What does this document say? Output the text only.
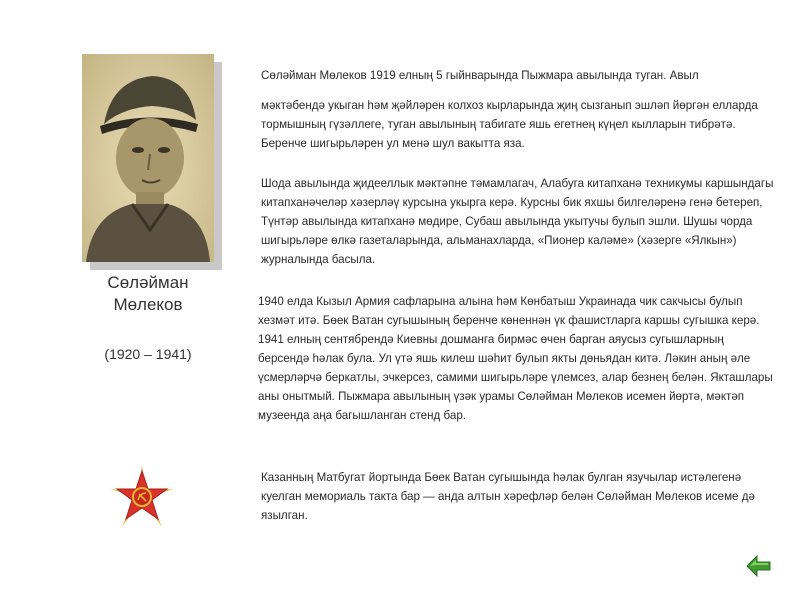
Сөләйман
Мөлеков
(1920 – 1941)

Сөләйман Мөлеков 1919 елның 5 гыйнварында Пыжмара авылында туган. Авыл

мәктәбендә укыган һәм җәйләрен колхоз кырларында җиң сызганып эшләп йөргән елларда тормышның гүзәллеге, туган авылының табигате яшь егетнең күңел кылларын тибрәтә. Беренче шигырьләрен ул менә шул вакытта яза.

Шода авылында җидееллык мәктәпне тәмамлагач, Алабуга китапханә техникумы каршындагы китапханәчеләр хәзерләү курсына укырга керә. Курсны бик яхшы билгеләренә генә бетереп, Түнтәр авылында китапханә мөдире, Субаш авылында укытучы булып эшли. Шушы чорда шигырьләре өлкә газеталарында, альманахларда, «Пионер каләме» (хәзерге «Ялкын») журналында басыла.

1940 елда Кызыл Армия сафларына алына һәм Көнбатыш Украинада чик сакчысы булып хезмәт итә. Бөек Ватан сугышының беренче көненнән үк фашистларга каршы сугышка керә. 1941 елның сентябрендә Киевны дошманга бирмәс өчен барган аяусыз сугышларның берсендә һәлак була. Ул үтә яшь килеш шәһит булып якты дөньядан китә. Ләкин аның әле үсмерләрчә беркатлы, эчкерсез, самими шигырьләре үлемсез, алар безнең белән. Якташлары аны онытмый. Пыжмара авылының үзәк урамы Сөләйман Мөлеков исемен йөртә, мәктәп музеенда аңа багышланган стенд бар.

Казанның Матбугат йортында Бөек Ватан сугышында һәлак булган язучылар истәлегенә куелган мемориаль такта бар — анда алтын хәрефләр белән Сөләйман Мөлеков исеме дә язылган.
